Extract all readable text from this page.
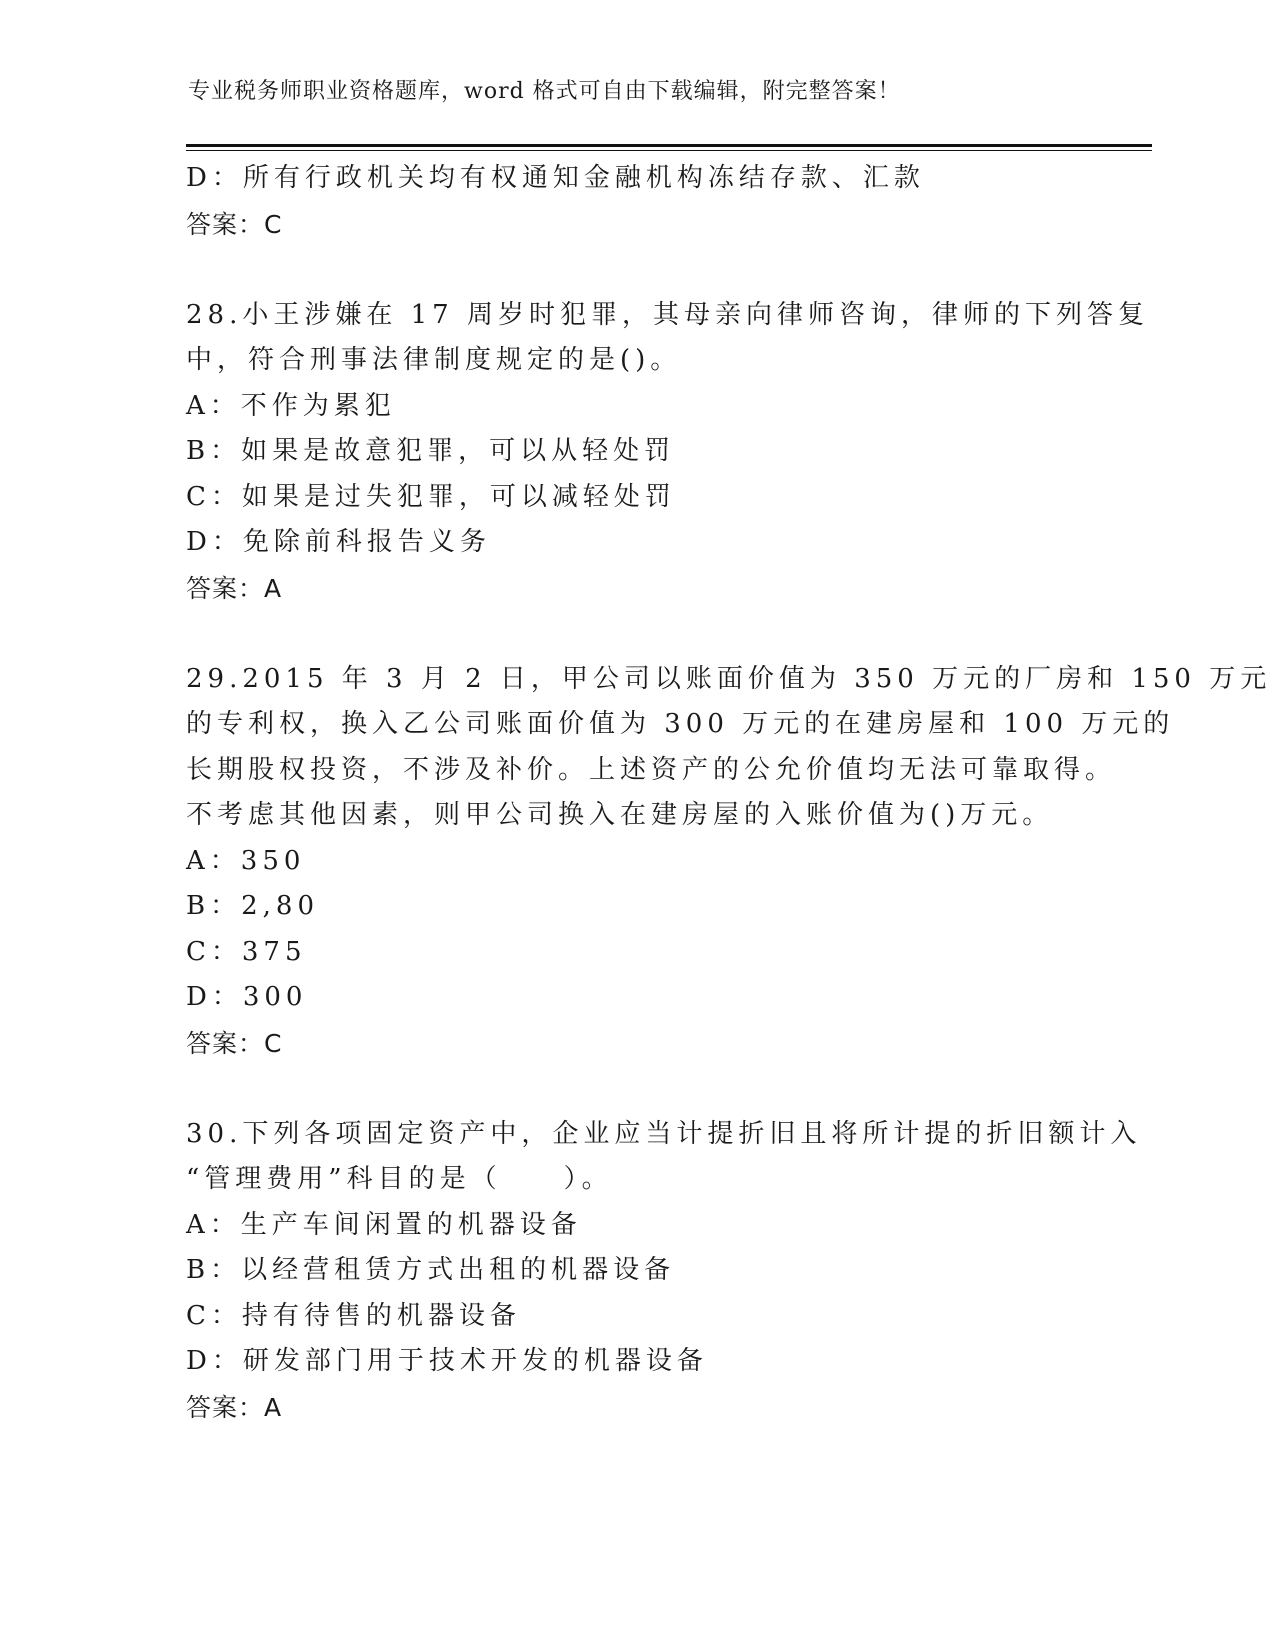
专业税务师职业资格题库，word 格式可自由下载编辑，附完整答案！
D：所有行政机关均有权通知金融机构冻结存款、汇款
答案：C
28.小王涉嫌在 17 周岁时犯罪，其母亲向律师咨询，律师的下列答复
中，符合刑事法律制度规定的是()。
A：不作为累犯
B：如果是故意犯罪，可以从轻处罚
C：如果是过失犯罪，可以减轻处罚
D：免除前科报告义务
答案：A
29.2015 年 3 月 2 日，甲公司以账面价值为 350 万元的厂房和 150 万元
的专利权，换入乙公司账面价值为 300 万元的在建房屋和 100 万元的
长期股权投资，不涉及补价。上述资产的公允价值均无法可靠取得。
不考虑其他因素，则甲公司换入在建房屋的入账价值为()万元。
A：350
B：2,80
C：375
D：300
答案：C
30.下列各项固定资产中，企业应当计提折旧且将所计提的折旧额计入
“管理费用”科目的是（　　）。
A：生产车间闲置的机器设备
B：以经营租赁方式出租的机器设备
C：持有待售的机器设备
D：研发部门用于技术开发的机器设备
答案：A
